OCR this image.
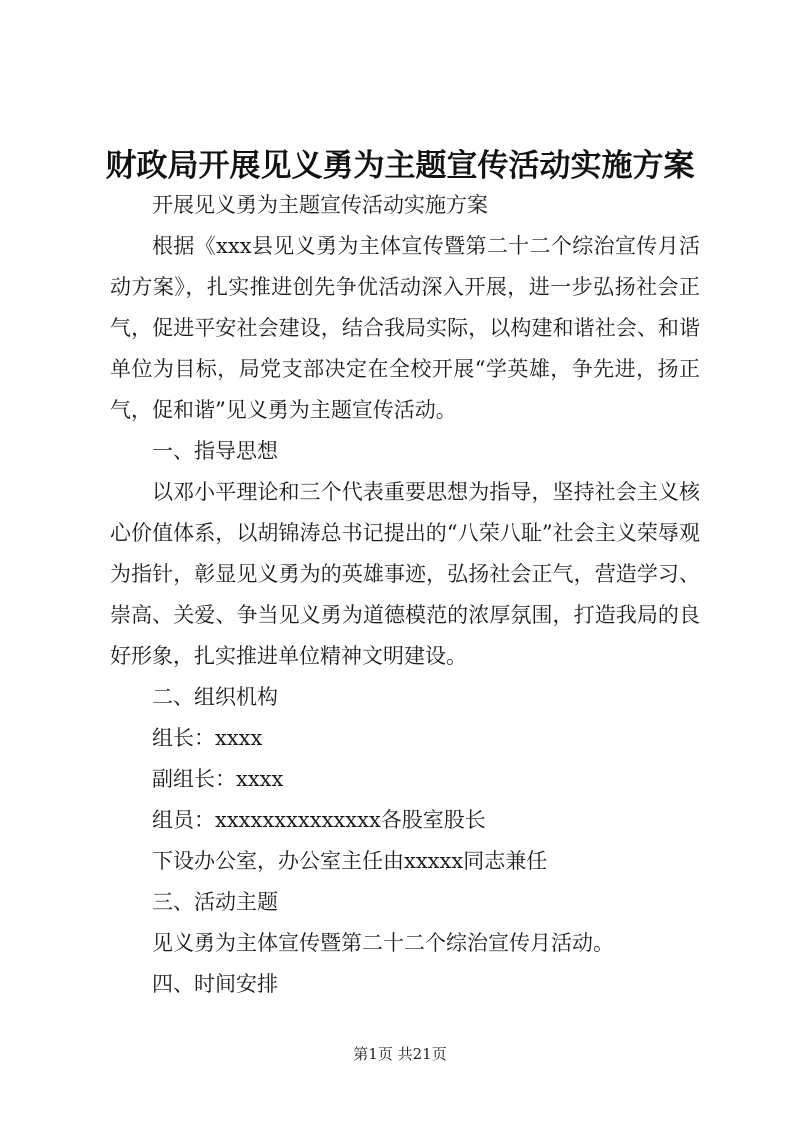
财政局开展见义勇为主题宣传活动实施方案

开展见义勇为主题宣传活动实施方案

根据《xxx县见义勇为主体宣传暨第二十二个综治宣传月活动方案》，扎实推进创先争优活动深入开展，进一步弘扬社会正气，促进平安社会建设，结合我局实际，以构建和谐社会、和谐单位为目标，局党支部决定在全校开展“学英雄，争先进，扬正气，促和谐”见义勇为主题宣传活动。

一、指导思想

以邓小平理论和三个代表重要思想为指导，坚持社会主义核心价值体系，以胡锦涛总书记提出的“八荣八耻”社会主义荣辱观为指针，彰显见义勇为的英雄事迹，弘扬社会正气，营造学习、崇高、关爱、争当见义勇为道德模范的浓厚氛围，打造我局的良好形象，扎实推进单位精神文明建设。

二、组织机构

组长：xxxx

副组长：xxxx

组员：xxxxxxxxxxxxxx各股室股长

下设办公室，办公室主任由xxxxx同志兼任

三、活动主题

见义勇为主体宣传暨第二十二个综治宣传月活动。

四、时间安排

第1页 共21页
